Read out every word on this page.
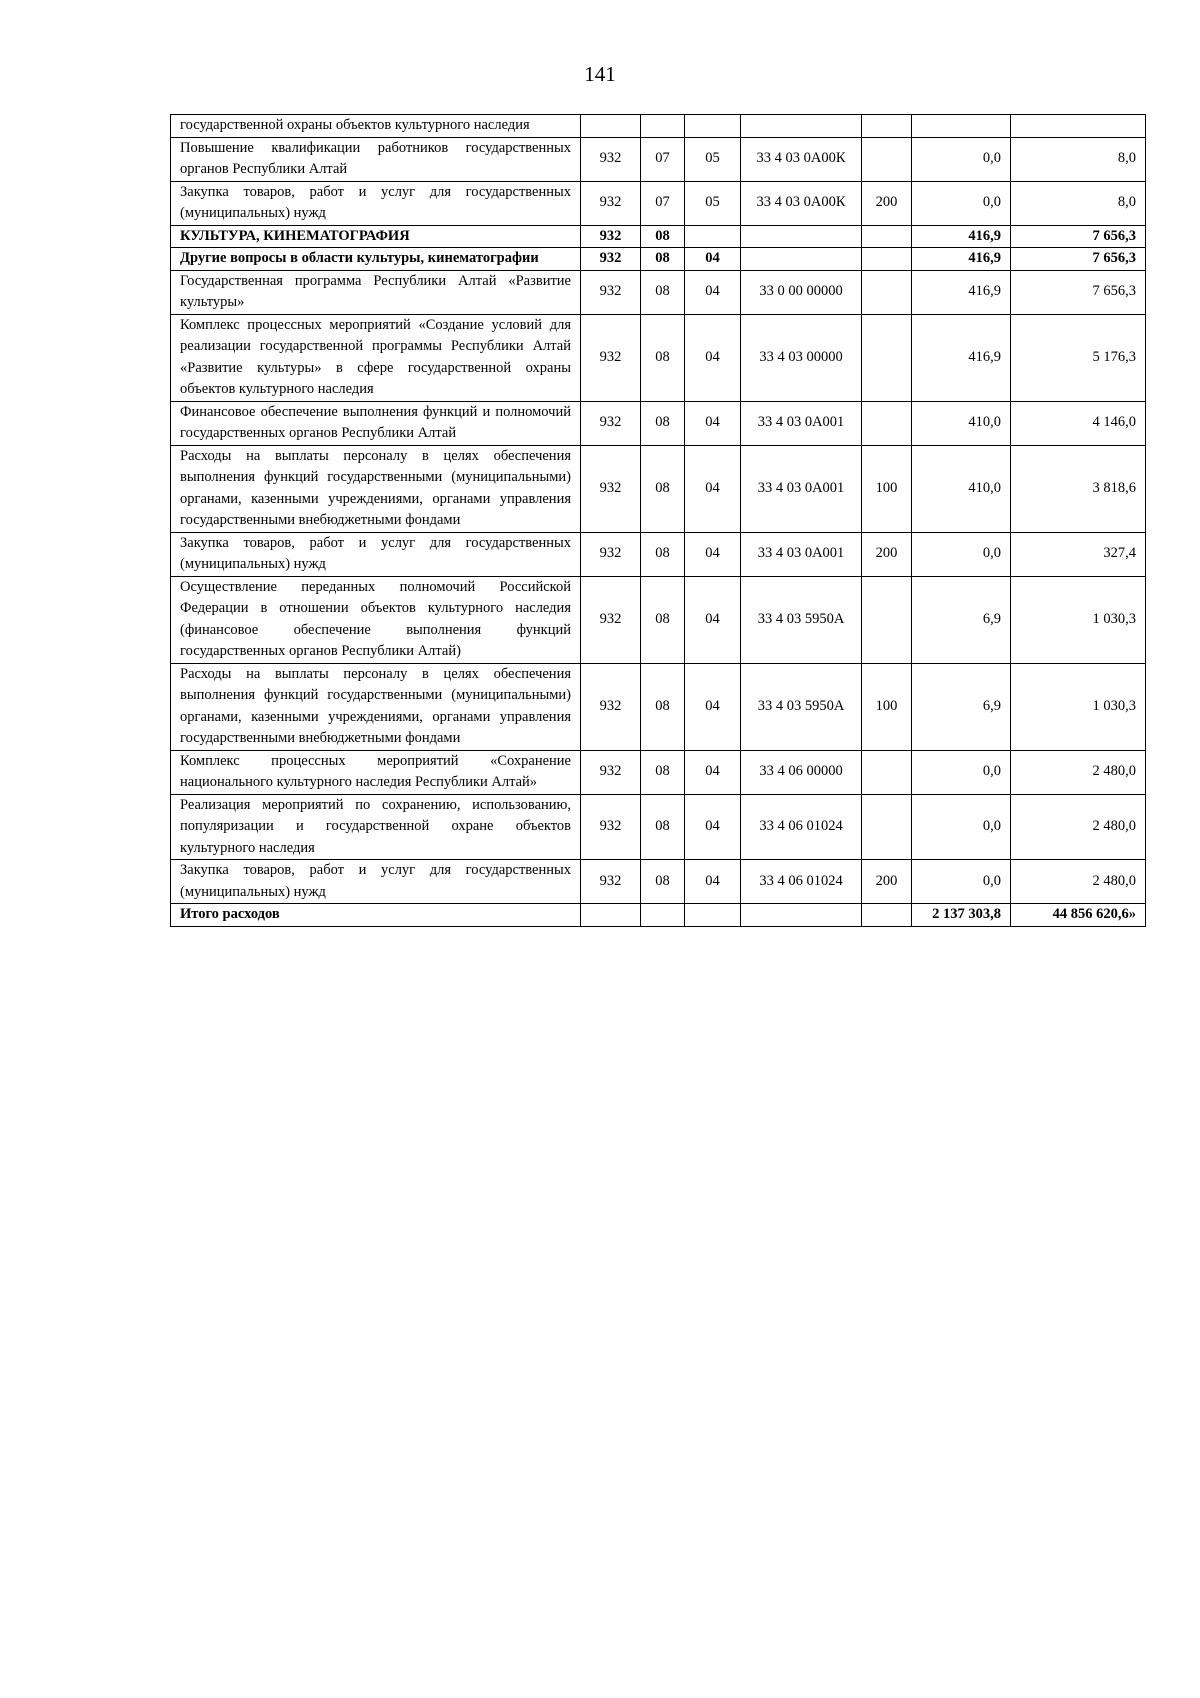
141
государственной охраны объектов культурного наследия							
Повышение квалификации работников государственных органов Республики Алтай	932	07	05	33 4 03 0А00К		0,0	8,0
Закупка товаров, работ и услуг для государственных (муниципальных) нужд	932	07	05	33 4 03 0А00К	200	0,0	8,0
КУЛЬТУРА, КИНЕМАТОГРАФИЯ	932	08				416,9	7 656,3
Другие вопросы в области культуры, кинематографии	932	08	04			416,9	7 656,3
Государственная программа Республики Алтай «Развитие культуры»	932	08	04	33 0 00 00000		416,9	7 656,3
Комплекс процессных мероприятий «Создание условий для реализации государственной программы Республики Алтай «Развитие культуры» в сфере государственной охраны объектов культурного наследия	932	08	04	33 4 03 00000		416,9	5 176,3
Финансовое обеспечение выполнения функций и полномочий государственных органов Республики Алтай	932	08	04	33 4 03 0А001		410,0	4 146,0
Расходы на выплаты персоналу в целях обеспечения выполнения функций государственными (муниципальными) органами, казенными учреждениями, органами управления государственными внебюджетными фондами	932	08	04	33 4 03 0А001	100	410,0	3 818,6
Закупка товаров, работ и услуг для государственных (муниципальных) нужд	932	08	04	33 4 03 0А001	200	0,0	327,4
Осуществление переданных полномочий Российской Федерации в отношении объектов культурного наследия (финансовое обеспечение выполнения функций государственных органов Республики Алтай)	932	08	04	33 4 03 5950А		6,9	1 030,3
Расходы на выплаты персоналу в целях обеспечения выполнения функций государственными (муниципальными) органами, казенными учреждениями, органами управления государственными внебюджетными фондами	932	08	04	33 4 03 5950А	100	6,9	1 030,3
Комплекс процессных мероприятий «Сохранение национального культурного наследия Республики Алтай»	932	08	04	33 4 06 00000		0,0	2 480,0
Реализация мероприятий по сохранению, использованию, популяризации и государственной охране объектов культурного наследия	932	08	04	33 4 06 01024		0,0	2 480,0
Закупка товаров, работ и услуг для государственных (муниципальных) нужд	932	08	04	33 4 06 01024	200	0,0	2 480,0
Итого расходов						2 137 303,8	44 856 620,6»
